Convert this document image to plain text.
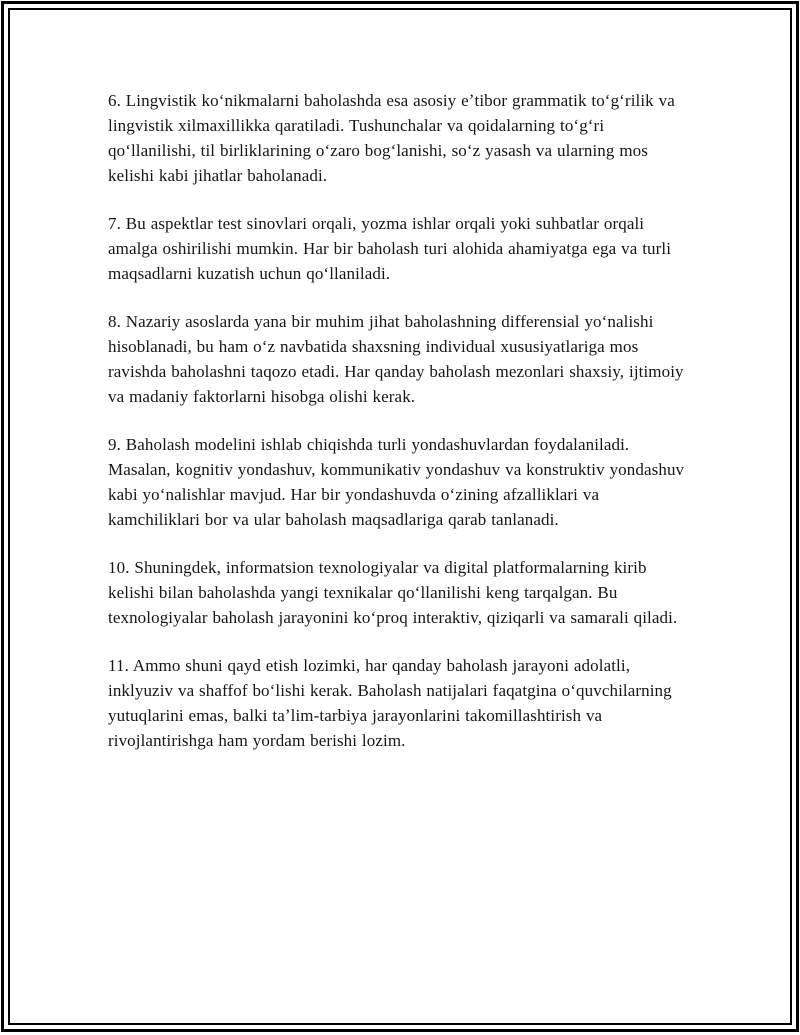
6. Lingvistik koʻnikmalarni baholashda esa asosiy eʼtibor grammatik toʻgʻrilik va lingvistik xilmaxillikka qaratiladi. Tushunchalar va qoidalarning toʻgʻri qoʻllanilishi, til birliklarining oʻzaro bogʻlanishi, soʻz yasash va ularning mos kelishi kabi jihatlar baholanadi.

7. Bu aspektlar test sinovlari orqali, yozma ishlar orqali yoki suhbatlar orqali amalga oshirilishi mumkin. Har bir baholash turi alohida ahamiyatga ega va turli maqsadlarni kuzatish uchun qoʻllaniladi.

8. Nazariy asoslarda yana bir muhim jihat baholashning differensial yoʻnalishi hisoblanadi, bu ham oʻz navbatida shaxsning individual xususiyatlariga mos ravishda baholashni taqozo etadi. Har qanday baholash mezonlari shaxsiy, ijtimoiy va madaniy faktorlarni hisobga olishi kerak.

9. Baholash modelini ishlab chiqishda turli yondashuvlardan foydalaniladi. Masalan, kognitiv yondashuv, kommunikativ yondashuv va konstruktiv yondashuv kabi yoʻnalishlar mavjud. Har bir yondashuvda oʻzining afzalliklari va kamchiliklari bor va ular baholash maqsadlariga qarab tanlanadi.

10. Shuningdek, informatsion texnologiyalar va digital platformalarning kirib kelishi bilan baholashda yangi texnikalar qoʻllanilishi keng tarqalgan. Bu texnologiyalar baholash jarayonini koʻproq interaktiv, qiziqarli va samarali qiladi.

11. Ammo shuni qayd etish lozimki, har qanday baholash jarayoni adolatli, inklyuziv va shaffof boʻlishi kerak. Baholash natijalari faqatgina oʻquvchilarning yutuqlarini emas, balki taʼlim-tarbiya jarayonlarini takomillashtirish va rivojlantirishga ham yordam berishi lozim.
